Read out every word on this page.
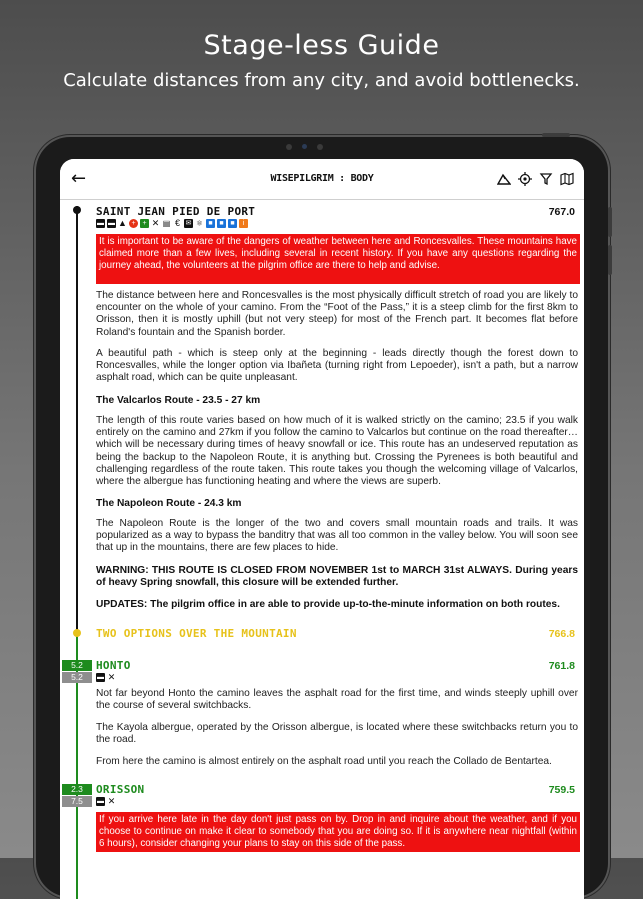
Stage-less Guide
Calculate distances from any city, and avoid bottlenecks.
←	WISEPILGRIM : BODY
SAINT JEAN PIED DE PORT	767.0
▬ ▬ ▲ + + ✕ ▤ € ✉ ⚛ ■ ■ ■	i
It is important to be aware of the dangers of weather between here and Roncesvalles. These mountains have claimed more than a few lives, including several in recent history. If you have any questions regarding the journey ahead, the volunteers at the pilgrim office are there to help and advise.

The distance between here and Roncesvalles is the most physically difficult stretch of road you are likely to encounter on the whole of your camino. From the “Foot of the Pass,” it is a steep climb for the first 8km to Orisson, then it is mostly uphill (but not very steep) for most of the French part. It becomes flat before Roland's fountain and the Spanish border.

A beautiful path - which is steep only at the beginning - leads directly though the forest down to Roncesvalles, while the longer option via Ibañeta (turning right from Lepoeder), isn't a path, but a narrow asphalt road, which can be quite unpleasant.

The Valcarlos Route - 23.5 - 27 km

The length of this route varies based on how much of it is walked strictly on the camino; 23.5 if you walk entirely on the camino and 27km if you follow the camino to Valcarlos but continue on the road thereafter… which will be necessary during times of heavy snowfall or ice. This route has an undeserved reputation as being the backup to the Napoleon Route, it is anything but. Crossing the Pyrenees is both beautiful and challenging regardless of the route taken. This route takes you though the welcoming village of Valcarlos, where the albergue has functioning heating and where the views are superb.

The Napoleon Route - 24.3 km

The Napoleon Route is the longer of the two and covers small mountain roads and trails. It was popularized as a way to bypass the banditry that was all too common in the valley below. You will soon see that up in the mountains, there are few places to hide.

WARNING: THIS ROUTE IS CLOSED FROM NOVEMBER 1st to MARCH 31st ALWAYS. During years of heavy Spring snowfall, this closure will be extended further.

UPDATES: The pilgrim office in are able to provide up-to-the-minute information on both routes.

TWO OPTIONS OVER THE MOUNTAIN	766.8
5.2
5.2
HONTO	761.8
▬ ✕

Not far beyond Honto the camino leaves the asphalt road for the first time, and winds steeply uphill over the course of several switchbacks.

The Kayola albergue, operated by the Orisson albergue, is located where these switchbacks return you to the road.

From here the camino is almost entirely on the asphalt road until you reach the Collado de Bentartea.

2.3
7.5
ORISSON	759.5
▬ ✕
If you arrive here late in the day don't just pass on by. Drop in and inquire about the weather, and if you choose to continue on make it clear to somebody that you are doing so. If it is anywhere near nightfall (within 6 hours), consider changing your plans to stay on this side of the pass.
